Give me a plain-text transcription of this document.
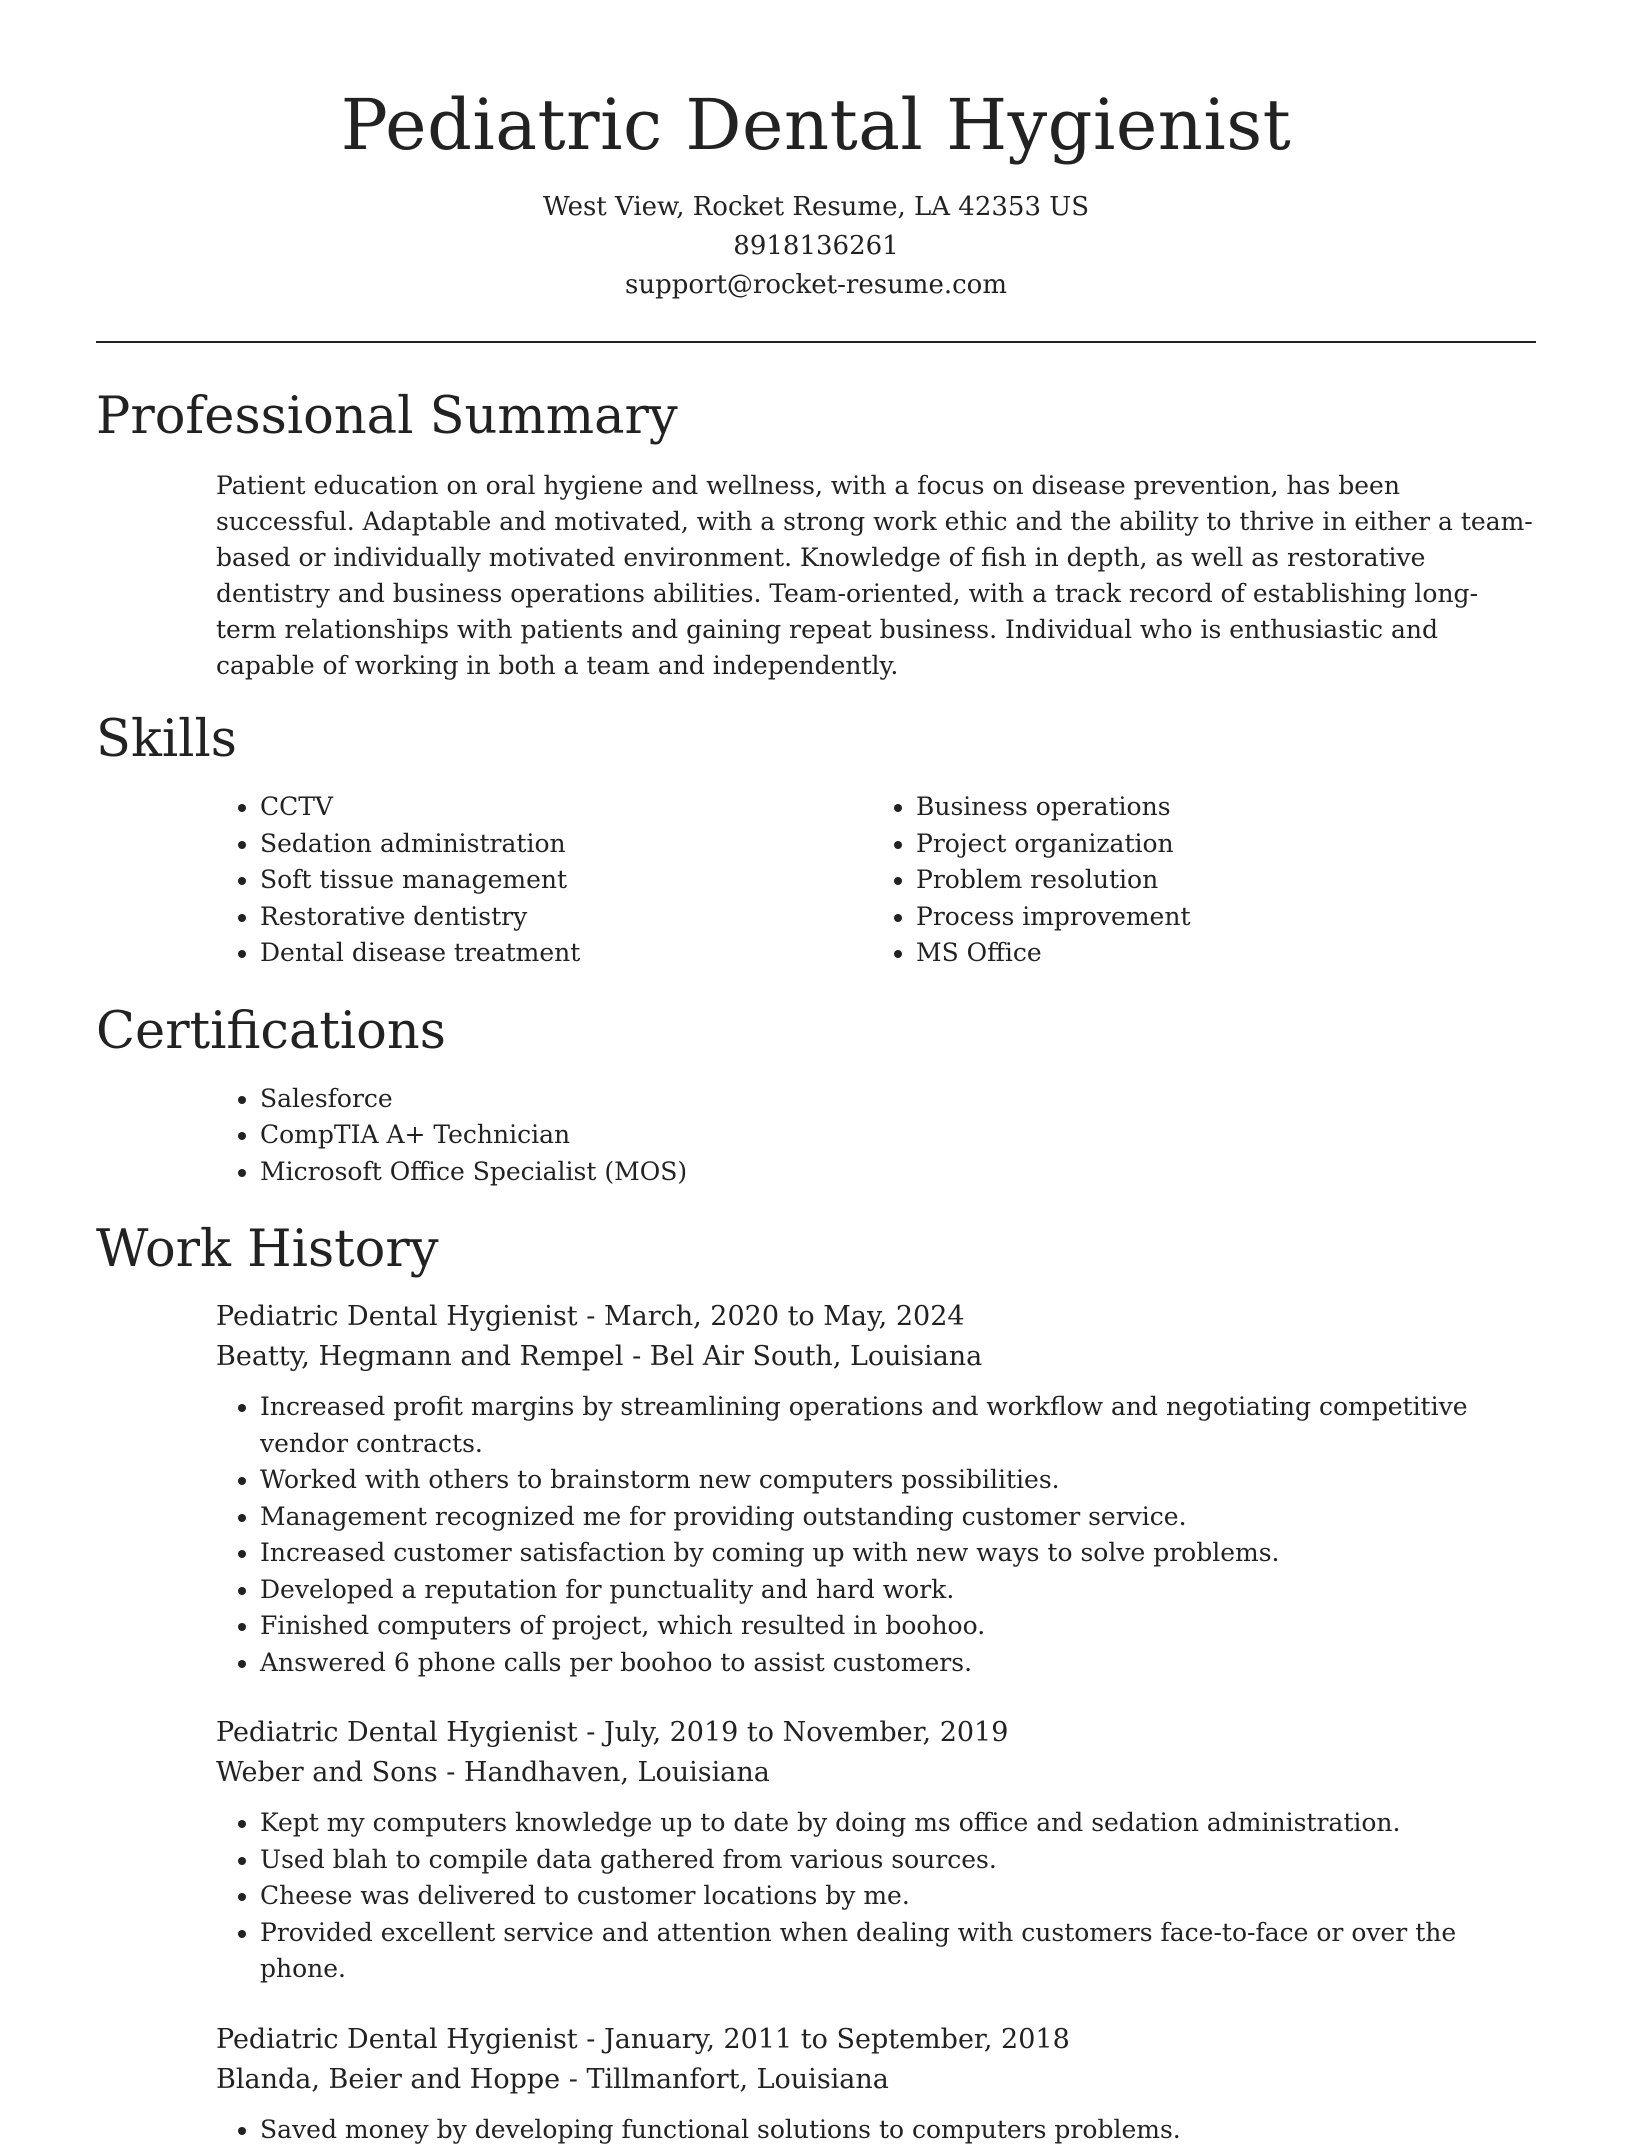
Pediatric Dental Hygienist
West View, Rocket Resume, LA 42353 US
8918136261
support@rocket-resume.com
Professional Summary

Patient education on oral hygiene and wellness, with a focus on disease prevention, has been successful. Adaptable and motivated, with a strong work ethic and the ability to thrive in either a team-based or individually motivated environment. Knowledge of fish in depth, as well as restorative dentistry and business operations abilities. Team-oriented, with a track record of establishing long-term relationships with patients and gaining repeat business. Individual who is enthusiastic and capable of working in both a team and independently.

Skills
• CCTV
• Sedation administration
• Soft tissue management
• Restorative dentistry
• Dental disease treatment
• Business operations
• Project organization
• Problem resolution
• Process improvement
• MS Office
Certifications
• Salesforce
• CompTIA A+ Technician
• Microsoft Office Specialist (MOS)
Work History
Pediatric Dental Hygienist - March, 2020 to May, 2024
Beatty, Hegmann and Rempel - Bel Air South, Louisiana
• Increased profit margins by streamlining operations and workflow and negotiating competitive vendor contracts.
• Worked with others to brainstorm new computers possibilities.
• Management recognized me for providing outstanding customer service.
• Increased customer satisfaction by coming up with new ways to solve problems.
• Developed a reputation for punctuality and hard work.
• Finished computers of project, which resulted in boohoo.
• Answered 6 phone calls per boohoo to assist customers.
Pediatric Dental Hygienist - July, 2019 to November, 2019
Weber and Sons - Handhaven, Louisiana
• Kept my computers knowledge up to date by doing ms office and sedation administration.
• Used blah to compile data gathered from various sources.
• Cheese was delivered to customer locations by me.
• Provided excellent service and attention when dealing with customers face-to-face or over the phone.
Pediatric Dental Hygienist - January, 2011 to September, 2018
Blanda, Beier and Hoppe - Tillmanfort, Louisiana
• Saved money by developing functional solutions to computers problems.
